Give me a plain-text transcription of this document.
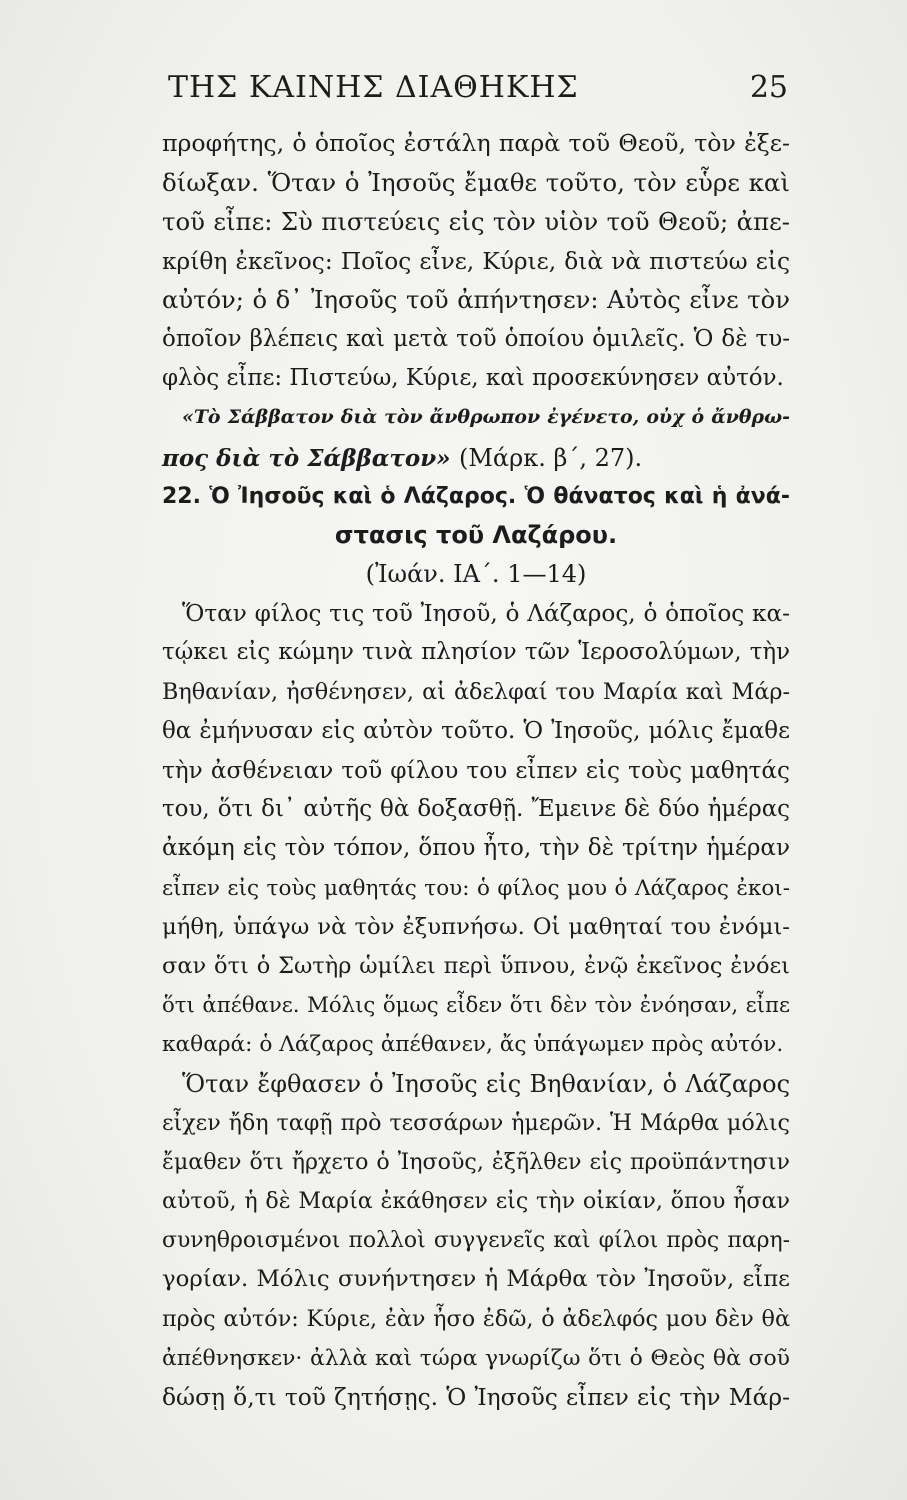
ΤΗΣ ΚΑΙΝΗΣ ΔΙΑΘΗΚΗΣ	25
προφήτης, ὁ ὁποῖος ἐστάλη παρὰ τοῦ Θεοῦ, τὸν ἐξε-
δίωξαν. Ὅταν ὁ Ἰησοῦς ἔμαθε τοῦτο, τὸν εὗρε καὶ
τοῦ εἶπε: Σὺ πιστεύεις εἰς τὸν υἱὸν τοῦ Θεοῦ; ἀπε-
κρίθη ἐκεῖνος: Ποῖος εἶνε, Κύριε, διὰ νὰ πιστεύω εἰς
αὐτόν; ὁ δ᾽ Ἰησοῦς τοῦ ἀπήντησεν: Αὐτὸς εἶνε τὸν
ὁποῖον βλέπεις καὶ μετὰ τοῦ ὁποίου ὁμιλεῖς. Ὁ δὲ τυ-
φλὸς εἶπε: Πιστεύω, Κύριε, καὶ προσεκύνησεν αὐτόν.
«Τὸ Σάββατον διὰ τὸν ἄνθρωπον ἐγένετο, οὐχ ὁ ἄνθρω-
πος διὰ τὸ Σάββατον» (Μάρκ. β΄, 27).
22. Ὁ Ἰησοῦς καὶ ὁ Λάζαρος. Ὁ θάνατος καὶ ἡ ἀνά-
στασις τοῦ Λαζάρου.
(Ἰωάν. ΙΑ΄. 1—14)
Ὅταν φίλος τις τοῦ Ἰησοῦ, ὁ Λάζαρος, ὁ ὁποῖος κα-
τῴκει εἰς κώμην τινὰ πλησίον τῶν Ἱεροσολύμων, τὴν
Βηθανίαν, ἠσθένησεν, αἱ ἀδελφαί του Μαρία καὶ Μάρ-
θα ἐμήνυσαν εἰς αὐτὸν τοῦτο. Ὁ Ἰησοῦς, μόλις ἔμαθε
τὴν ἀσθένειαν τοῦ φίλου του εἶπεν εἰς τοὺς μαθητάς
του, ὅτι δι᾽ αὐτῆς θὰ δοξασθῇ. Ἔμεινε δὲ δύο ἡμέρας
ἀκόμη εἰς τὸν τόπον, ὅπου ἦτο, τὴν δὲ τρίτην ἡμέραν
εἶπεν εἰς τοὺς μαθητάς του: ὁ φίλος μου ὁ Λάζαρος ἐκοι-
μήθη, ὑπάγω νὰ τὸν ἐξυπνήσω. Οἱ μαθηταί του ἐνόμι-
σαν ὅτι ὁ Σωτὴρ ὡμίλει περὶ ὕπνου, ἐνῷ ἐκεῖνος ἐνόει
ὅτι ἀπέθανε. Μόλις ὅμως εἶδεν ὅτι δὲν τὸν ἐνόησαν, εἶπε
καθαρά: ὁ Λάζαρος ἀπέθανεν, ἄς ὑπάγωμεν πρὸς αὐτόν.
Ὅταν ἔφθασεν ὁ Ἰησοῦς εἰς Βηθανίαν, ὁ Λάζαρος
εἶχεν ἤδη ταφῇ πρὸ τεσσάρων ἡμερῶν. Ἡ Μάρθα μόλις
ἔμαθεν ὅτι ἤρχετο ὁ Ἰησοῦς, ἐξῆλθεν εἰς προϋπάντησιν
αὐτοῦ, ἡ δὲ Μαρία ἐκάθησεν εἰς τὴν οἰκίαν, ὅπου ἦσαν
συνηθροισμένοι πολλοὶ συγγενεῖς καὶ φίλοι πρὸς παρη-
γορίαν. Μόλις συνήντησεν ἡ Μάρθα τὸν Ἰησοῦν, εἶπε
πρὸς αὐτόν: Κύριε, ἐὰν ἦσο ἐδῶ, ὁ ἀδελφός μου δὲν θὰ
ἀπέθνησκεν· ἀλλὰ καὶ τώρα γνωρίζω ὅτι ὁ Θεὸς θὰ σοῦ
δώσῃ ὅ,τι τοῦ ζητήσῃς. Ὁ Ἰησοῦς εἶπεν εἰς τὴν Μάρ-
